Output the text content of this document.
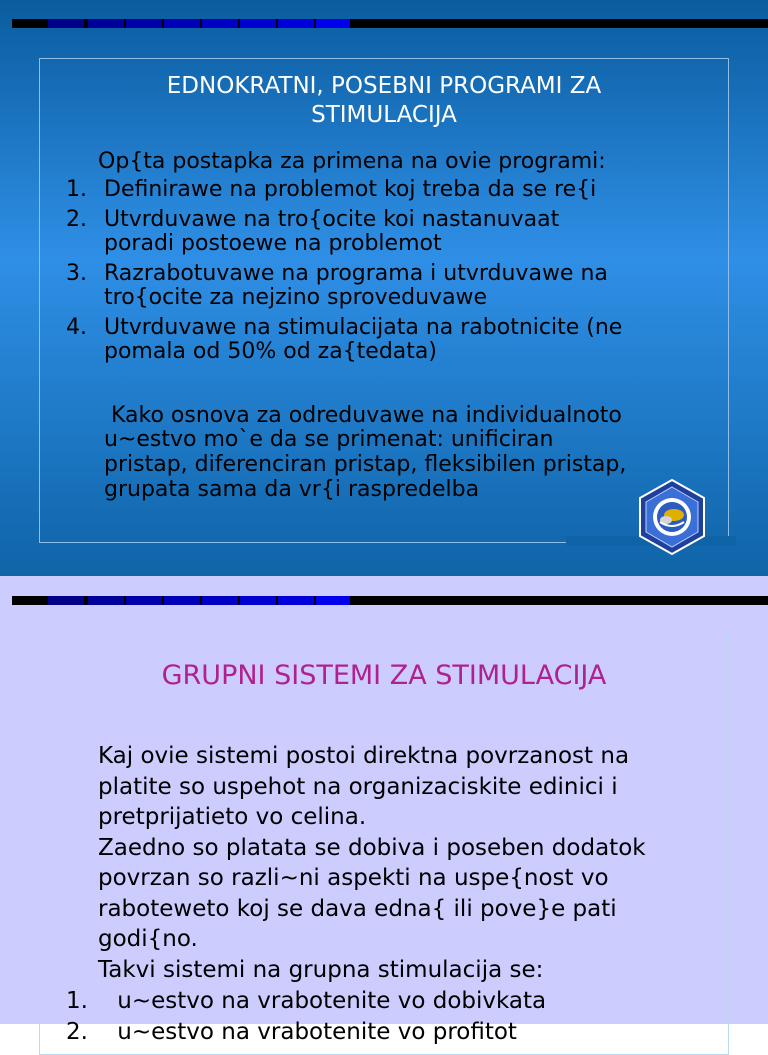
EDNOKRATNI, POSEBNI PROGRAMI ZA
STIMULACIJA
Op{ta postapka za primena na ovie programi:
1. Definirawe na problemot koj treba da se re{i
2. Utvrduvawe na tro{ocite koi nastanuvaat
poradi postoewe na problemot
3. Razrabotuvawe na programa i utvrduvawe na
tro{ocite za nejzino sproveduvawe
4. Utvrduvawe na stimulacijata na rabotnicite (ne
pomala od 50% od za{tedata)
Kako osnova za odreduvawe na individualnoto
u~estvo mo`e da se primenat: unificiran
pristap, diferenciran pristap, fleksibilen pristap,
grupata sama da vr{i raspredelba
GRUPNI SISTEMI ZA STIMULACIJA
Kaj ovie sistemi postoi direktna povrzanost na
platite so uspehot na organizaciskite edinici i
pretprijatieto vo celina.
Zaedno so platata se dobiva i poseben dodatok
povrzan so razli~ni aspekti na uspe{nost vo
raboteweto koj se dava edna{ ili pove}e pati
godi{no.
Takvi sistemi na grupna stimulacija se:
1. u~estvo na vrabotenite vo dobivkata
2. u~estvo na vrabotenite vo profitot
